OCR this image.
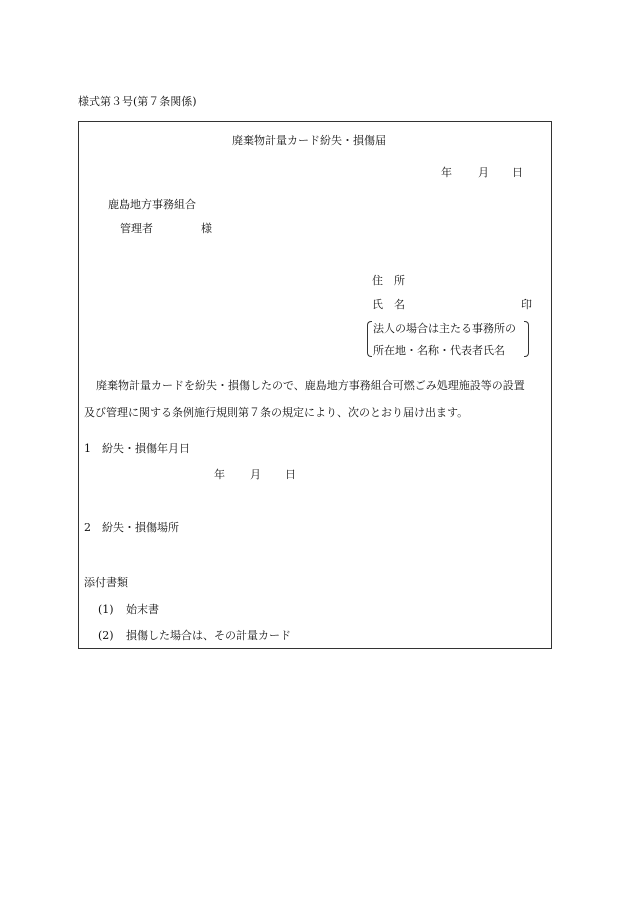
様式第３号(第７条関係)
廃棄物計量カード紛失・損傷届
年 月 日
鹿島地方事務組合
管理者	様
住　所
氏　名	印
法人の場合は主たる事務所の
所在地・名称・代表者氏名
廃棄物計量カードを紛失・損傷したので、鹿島地方事務組合可燃ごみ処理施設等の設置
及び管理に関する条例施行規則第７条の規定により、次のとおり届け出ます。
1　紛失・損傷年月日
年 月 日
2　紛失・損傷場所
添付書類
(1) 始末書
(2) 損傷した場合は、その計量カード
